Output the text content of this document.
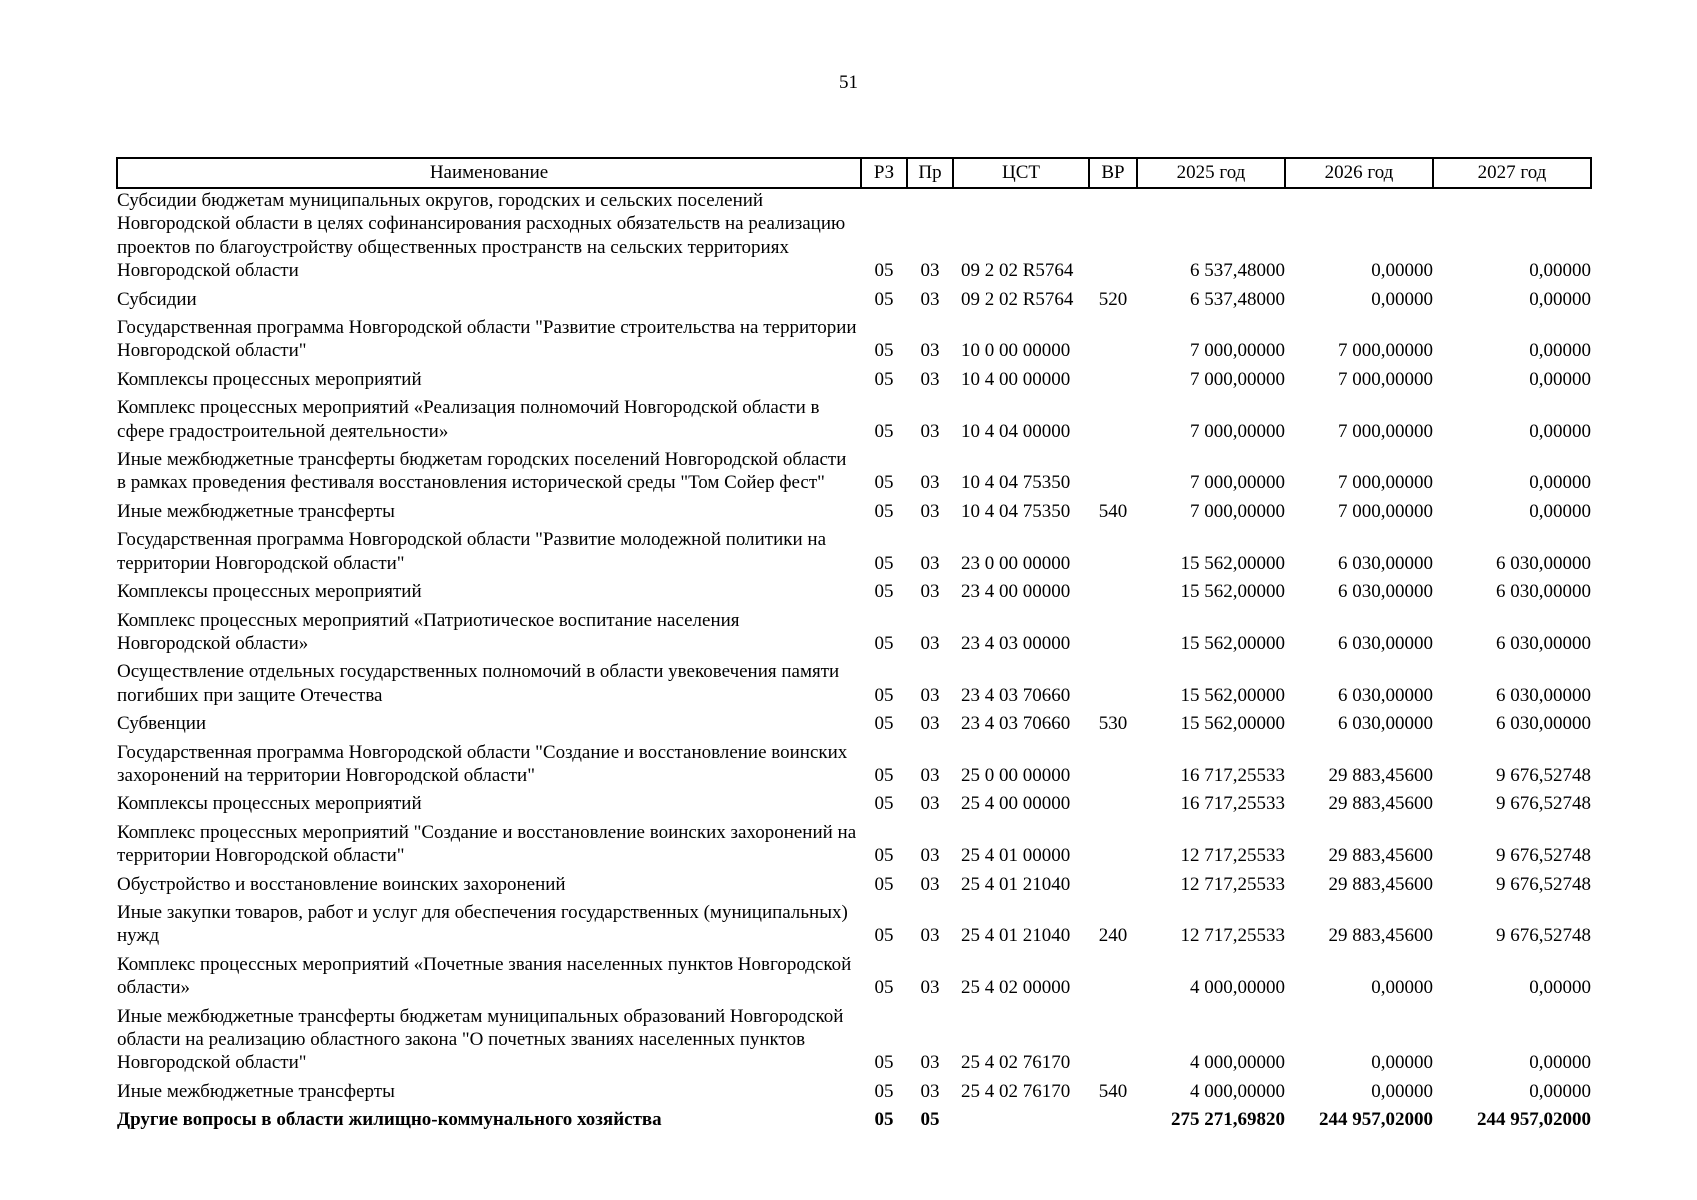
51
Наименование	РЗ	Пр	ЦСТ	ВР	2025 год	2026 год	2027 год
Субсидии бюджетам муниципальных округов, городских и сельских поселений Новгородской области в целях софинансирования расходных обязательств на реализацию проектов по благоустройству общественных пространств на сельских территориях Новгородской области	05	03	09 2 02 R5764		6 537,48000	0,00000	0,00000
Субсидии	05	03	09 2 02 R5764	520	6 537,48000	0,00000	0,00000
Государственная программа Новгородской области "Развитие строительства на территории Новгородской области"	05	03	10 0 00 00000		7 000,00000	7 000,00000	0,00000
Комплексы процессных мероприятий	05	03	10 4 00 00000		7 000,00000	7 000,00000	0,00000
Комплекс процессных мероприятий «Реализация полномочий Новгородской области в сфере градостроительной деятельности»	05	03	10 4 04 00000		7 000,00000	7 000,00000	0,00000
Иные межбюджетные трансферты бюджетам городских поселений Новгородской области в рамках проведения фестиваля восстановления исторической среды "Том Сойер фест"	05	03	10 4 04 75350		7 000,00000	7 000,00000	0,00000
Иные межбюджетные трансферты	05	03	10 4 04 75350	540	7 000,00000	7 000,00000	0,00000
Государственная программа Новгородской области "Развитие молодежной политики на территории Новгородской области"	05	03	23 0 00 00000		15 562,00000	6 030,00000	6 030,00000
Комплексы процессных мероприятий	05	03	23 4 00 00000		15 562,00000	6 030,00000	6 030,00000
Комплекс процессных мероприятий «Патриотическое воспитание населения Новгородской области»	05	03	23 4 03 00000		15 562,00000	6 030,00000	6 030,00000
Осуществление отдельных государственных полномочий в области увековечения памяти погибших при защите Отечества	05	03	23 4 03 70660		15 562,00000	6 030,00000	6 030,00000
Субвенции	05	03	23 4 03 70660	530	15 562,00000	6 030,00000	6 030,00000
Государственная программа Новгородской области "Создание и восстановление воинских захоронений на территории Новгородской области"	05	03	25 0 00 00000		16 717,25533	29 883,45600	9 676,52748
Комплексы процессных мероприятий	05	03	25 4 00 00000		16 717,25533	29 883,45600	9 676,52748
Комплекс процессных мероприятий "Создание и восстановление воинских захоронений на территории Новгородской области"	05	03	25 4 01 00000		12 717,25533	29 883,45600	9 676,52748
Обустройство и восстановление воинских захоронений	05	03	25 4 01 21040		12 717,25533	29 883,45600	9 676,52748
Иные закупки товаров, работ и услуг для обеспечения государственных (муниципальных) нужд	05	03	25 4 01 21040	240	12 717,25533	29 883,45600	9 676,52748
Комплекс процессных мероприятий «Почетные звания населенных пунктов Новгородской области»	05	03	25 4 02 00000		4 000,00000	0,00000	0,00000
Иные межбюджетные трансферты бюджетам муниципальных образований Новгородской области на реализацию областного закона "О почетных званиях населенных пунктов Новгородской области"	05	03	25 4 02 76170		4 000,00000	0,00000	0,00000
Иные межбюджетные трансферты	05	03	25 4 02 76170	540	4 000,00000	0,00000	0,00000
Другие вопросы в области жилищно-коммунального хозяйства	05	05			275 271,69820	244 957,02000	244 957,02000
